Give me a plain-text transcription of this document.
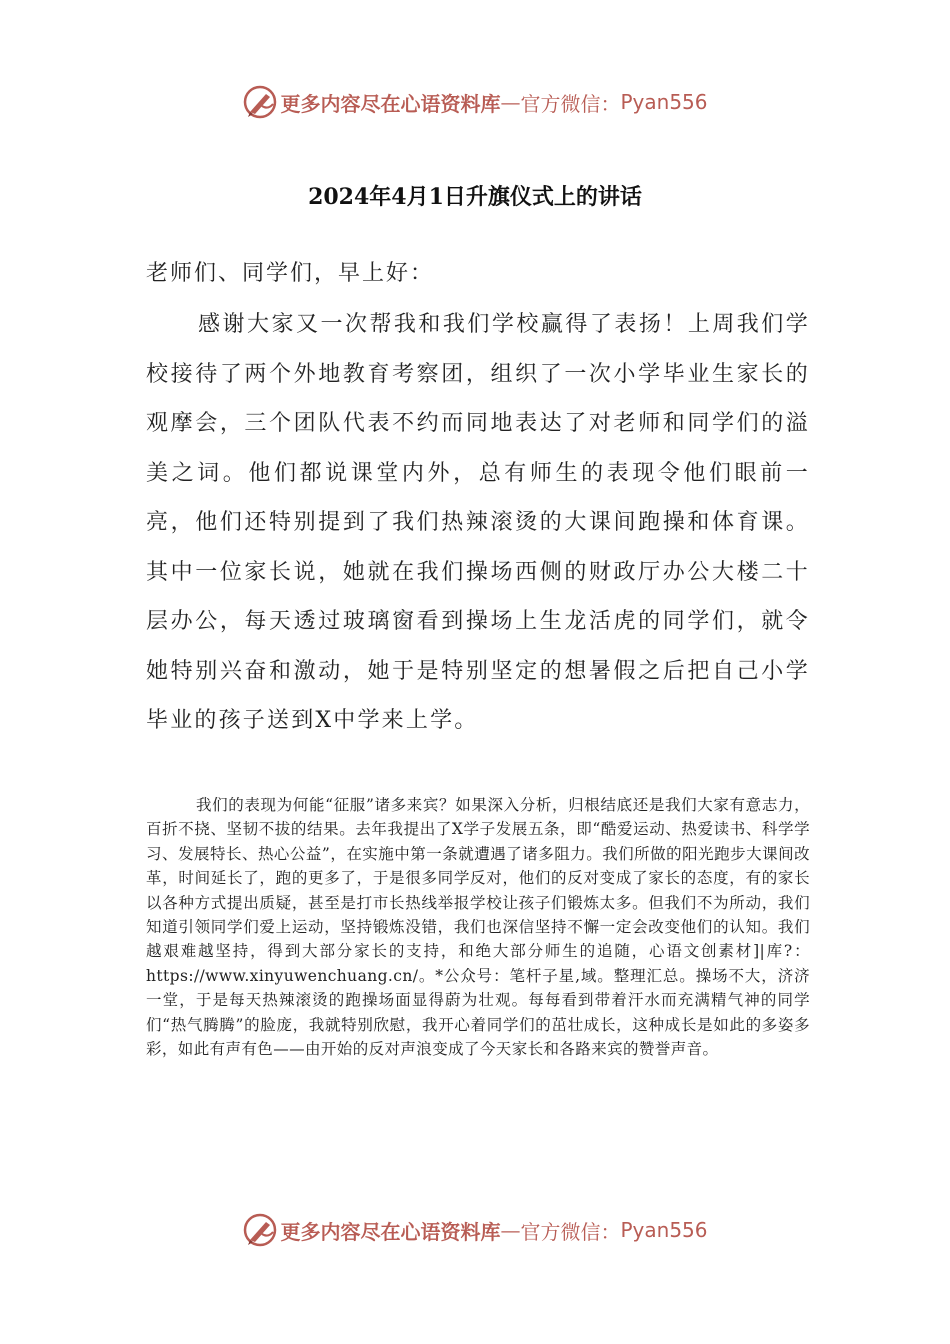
更多内容尽在心语资料库 — 官方微信： Pyan556
2024年4月1日升旗仪式上的讲话
老师们、同学们，早上好：

感谢大家又一次帮我和我们学校赢得了表扬！上周我们学校接待了两个外地教育考察团，组织了一次小学毕业生家长的观摩会，三个团队代表不约而同地表达了对老师和同学们的溢美之词。他们都说课堂内外，总有师生的表现令他们眼前一亮，他们还特别提到了我们热辣滚烫的大课间跑操和体育课。其中一位家长说，她就在我们操场西侧的财政厅办公大楼二十层办公，每天透过玻璃窗看到操场上生龙活虎的同学们，就令她特别兴奋和激动，她于是特别坚定的想暑假之后把自己小学毕业的孩子送到X中学来上学。

我们的表现为何能“征服”诸多来宾？如果深入分析，归根结底还是我们大家有意志力，百折不挠、坚韧不拔的结果。去年我提出了X学子发展五条，即“酷爱运动、热爱读书、科学学习、发展特长、热心公益”，在实施中第一条就遭遇了诸多阻力。我们所做的阳光跑步大课间改革，时间延长了，跑的更多了，于是很多同学反对，他们的反对变成了家长的态度，有的家长以各种方式提出质疑，甚至是打市长热线举报学校让孩子们锻炼太多。但我们不为所动，我们知道引领同学们爱上运动，坚持锻炼没错，我们也深信坚持不懈一定会改变他们的认知。我们越艰难越坚持，得到大部分家长的支持，和绝大部分师生的追随，心语文创素材]|库?：https://www.xinyuwenchuang.cn/。*公众号：笔杆子星,域。整理汇总。操场不大，济济一堂，于是每天热辣滚烫的跑操场面显得蔚为壮观。每每看到带着汗水而充满精气神的同学们“热气腾腾”的脸庞，我就特别欣慰，我开心着同学们的茁壮成长，这种成长是如此的多姿多彩，如此有声有色——由开始的反对声浪变成了今天家长和各路来宾的赞誉声音。

更多内容尽在心语资料库 — 官方微信： Pyan556
